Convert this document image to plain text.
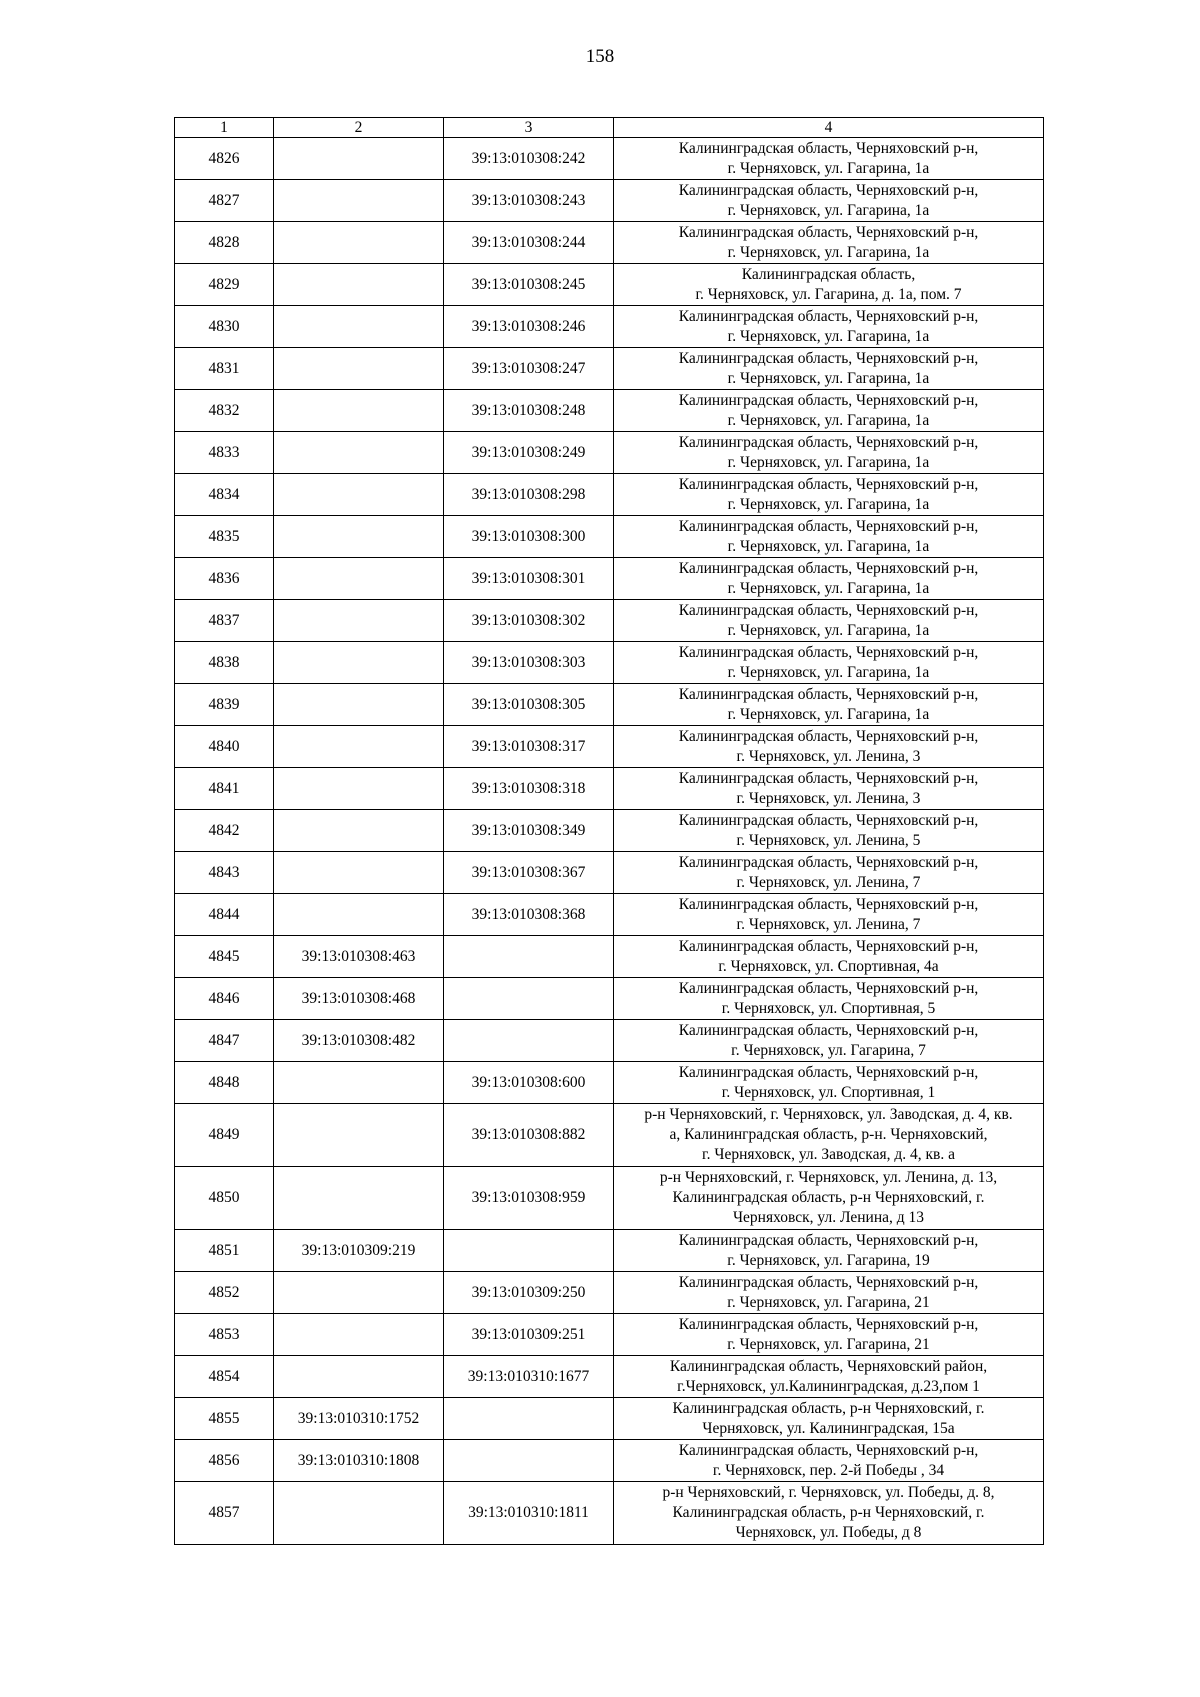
158
1	2	3	4
4826		39:13:010308:242	Калининградская область, Черняховский р-н,
г. Черняховск, ул. Гагарина, 1а
4827		39:13:010308:243	Калининградская область, Черняховский р-н,
г. Черняховск, ул. Гагарина, 1а
4828		39:13:010308:244	Калининградская область, Черняховский р-н,
г. Черняховск, ул. Гагарина, 1а
4829		39:13:010308:245	Калининградская область,
г. Черняховск, ул. Гагарина, д. 1а, пом. 7
4830		39:13:010308:246	Калининградская область, Черняховский р-н,
г. Черняховск, ул. Гагарина, 1а
4831		39:13:010308:247	Калининградская область, Черняховский р-н,
г. Черняховск, ул. Гагарина, 1а
4832		39:13:010308:248	Калининградская область, Черняховский р-н,
г. Черняховск, ул. Гагарина, 1а
4833		39:13:010308:249	Калининградская область, Черняховский р-н,
г. Черняховск, ул. Гагарина, 1а
4834		39:13:010308:298	Калининградская область, Черняховский р-н,
г. Черняховск, ул. Гагарина, 1а
4835		39:13:010308:300	Калининградская область, Черняховский р-н,
г. Черняховск, ул. Гагарина, 1а
4836		39:13:010308:301	Калининградская область, Черняховский р-н,
г. Черняховск, ул. Гагарина, 1а
4837		39:13:010308:302	Калининградская область, Черняховский р-н,
г. Черняховск, ул. Гагарина, 1а
4838		39:13:010308:303	Калининградская область, Черняховский р-н,
г. Черняховск, ул. Гагарина, 1а
4839		39:13:010308:305	Калининградская область, Черняховский р-н,
г. Черняховск, ул. Гагарина, 1а
4840		39:13:010308:317	Калининградская область, Черняховский р-н,
г. Черняховск, ул. Ленина, 3
4841		39:13:010308:318	Калининградская область, Черняховский р-н,
г. Черняховск, ул. Ленина, 3
4842		39:13:010308:349	Калининградская область, Черняховский р-н,
г. Черняховск, ул. Ленина, 5
4843		39:13:010308:367	Калининградская область, Черняховский р-н,
г. Черняховск, ул. Ленина, 7
4844		39:13:010308:368	Калининградская область, Черняховский р-н,
г. Черняховск, ул. Ленина, 7
4845	39:13:010308:463		Калининградская область, Черняховский р-н,
г. Черняховск, ул. Спортивная, 4а
4846	39:13:010308:468		Калининградская область, Черняховский р-н,
г. Черняховск, ул. Спортивная, 5
4847	39:13:010308:482		Калининградская область, Черняховский р-н,
г. Черняховск, ул. Гагарина, 7
4848		39:13:010308:600	Калининградская область, Черняховский р-н,
г. Черняховск, ул. Спортивная, 1
4849		39:13:010308:882	р-н Черняховский, г. Черняховск, ул. Заводская, д. 4, кв.
а, Калининградская область, р-н. Черняховский,
г. Черняховск, ул. Заводская, д. 4, кв. а
4850		39:13:010308:959	р-н Черняховский, г. Черняховск, ул. Ленина, д. 13,
Калининградская область, р-н Черняховский, г.
Черняховск, ул. Ленина, д 13
4851	39:13:010309:219		Калининградская область, Черняховский р-н,
г. Черняховск, ул. Гагарина, 19
4852		39:13:010309:250	Калининградская область, Черняховский р-н,
г. Черняховск, ул. Гагарина, 21
4853		39:13:010309:251	Калининградская область, Черняховский р-н,
г. Черняховск, ул. Гагарина, 21
4854		39:13:010310:1677	Калининградская область, Черняховский район,
г.Черняховск, ул.Калининградская, д.23,пом 1
4855	39:13:010310:1752		Калининградская область, р-н Черняховский, г.
Черняховск, ул. Калининградская, 15а
4856	39:13:010310:1808		Калининградская область, Черняховский р-н,
г. Черняховск, пер. 2-й Победы , 34
4857		39:13:010310:1811	р-н Черняховский, г. Черняховск, ул. Победы, д. 8,
Калининградская область, р-н Черняховский, г.
Черняховск, ул. Победы, д 8
